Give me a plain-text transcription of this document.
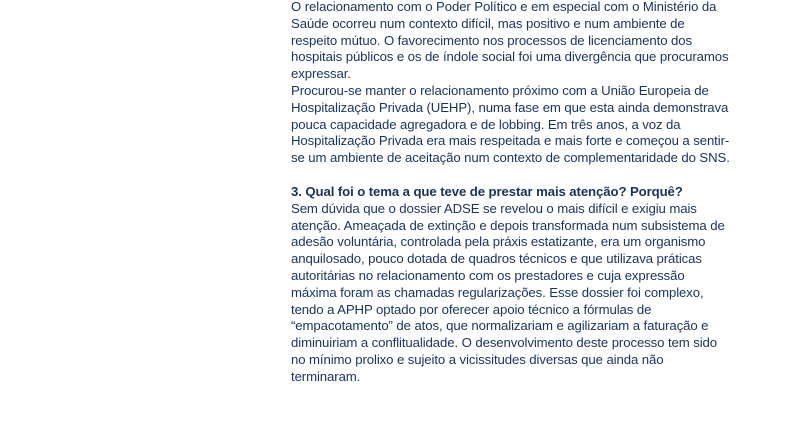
O relacionamento com o Poder Político e em especial com o Ministério da Saúde ocorreu num contexto difícil, mas positivo e num ambiente de respeito mútuo. O favorecimento nos processos de licenciamento dos hospitais públicos e os de índole social foi uma divergência que procuramos expressar.

Procurou-se manter o relacionamento próximo com a União Europeia de Hospitalização Privada (UEHP), numa fase em que esta ainda demonstrava pouca capacidade agregadora e de lobbing. Em três anos, a voz da Hospitalização Privada era mais respeitada e mais forte e começou a sentir-se um ambiente de aceitação num contexto de complementaridade do SNS.

3. Qual foi o tema a que teve de prestar mais atenção? Porquê?

Sem dúvida que o dossier ADSE se revelou o mais difícil e exigiu mais atenção. Ameaçada de extinção e depois transformada num subsistema de adesão voluntária, controlada pela práxis estatizante, era um organismo anquilosado, pouco dotada de quadros técnicos e que utilizava práticas autoritárias no relacionamento com os prestadores e cuja expressão máxima foram as chamadas regularizações. Esse dossier foi complexo, tendo a APHP optado por oferecer apoio técnico a fórmulas de “empacotamento” de atos, que normalizariam e agilizariam a faturação e diminuiriam a conflitualidade. O desenvolvimento deste processo tem sido no mínimo prolixo e sujeito a vicissitudes diversas que ainda não terminaram.
